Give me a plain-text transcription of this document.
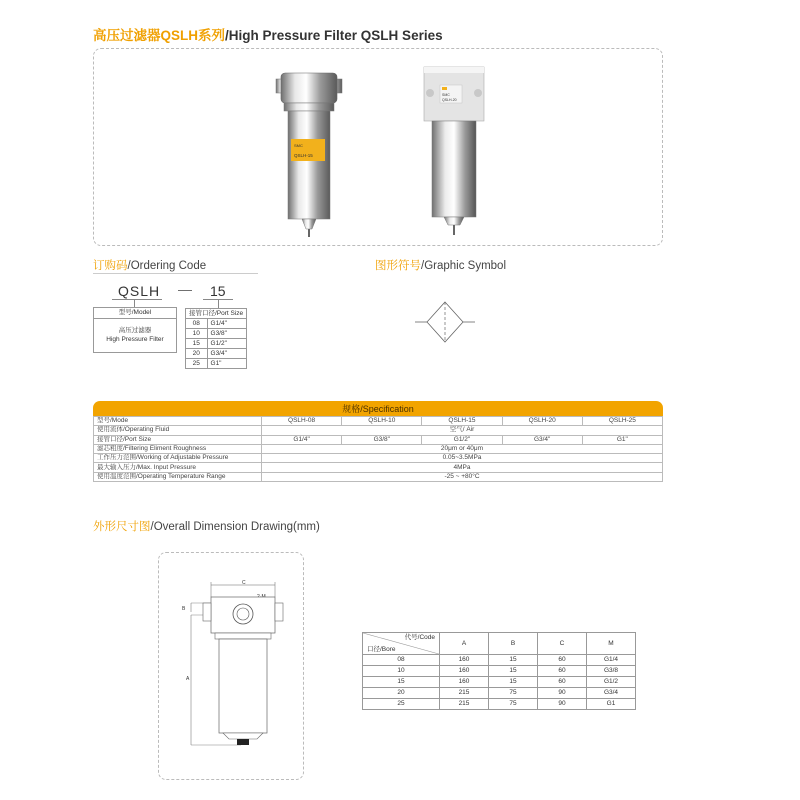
高压过滤器QSLH系列/High Pressure Filter QSLH Series
SMC
QSLH-15
SMC
QSLH-20
订购码/Ordering Code	图形符号/Graphic Symbol
QSLH — 15
型号/Model
高压过滤器
High Pressure Filter
接管口径/Port Size	
08	G1/4"
10	G3/8"
15	G1/2"
20	G3/4"
25	G1"
规格/Specification
型号/Mode	QSLH-08	QSLH-10	QSLH-15	QSLH-20	QSLH-25
使用流体/Operating Fluid	空气/ Air				
接管口径/Port Size	G1/4"	G3/8"	G1/2"	G3/4"	G1"
滤芯粗度/Filtering Eliment Roughness	20μm or 40μm				
工作压力范围/Working of Adjustable Pressure	0.05~3.5MPa				
最大输入压力/Max. Input Pressure	4MPa				
使用温度范围/Operating Temperature Range	-25 ~ +80°C				
外形尺寸图/Overall Dimension Drawing(mm)
C
B
A
代号/Code
口径/Bore	A	B	C	M
08	160	15	60	G1/4
10	160	15	60	G3/8
15	160	15	60	G1/2
20	215	75	90	G3/4
25	215	75	90	G1
